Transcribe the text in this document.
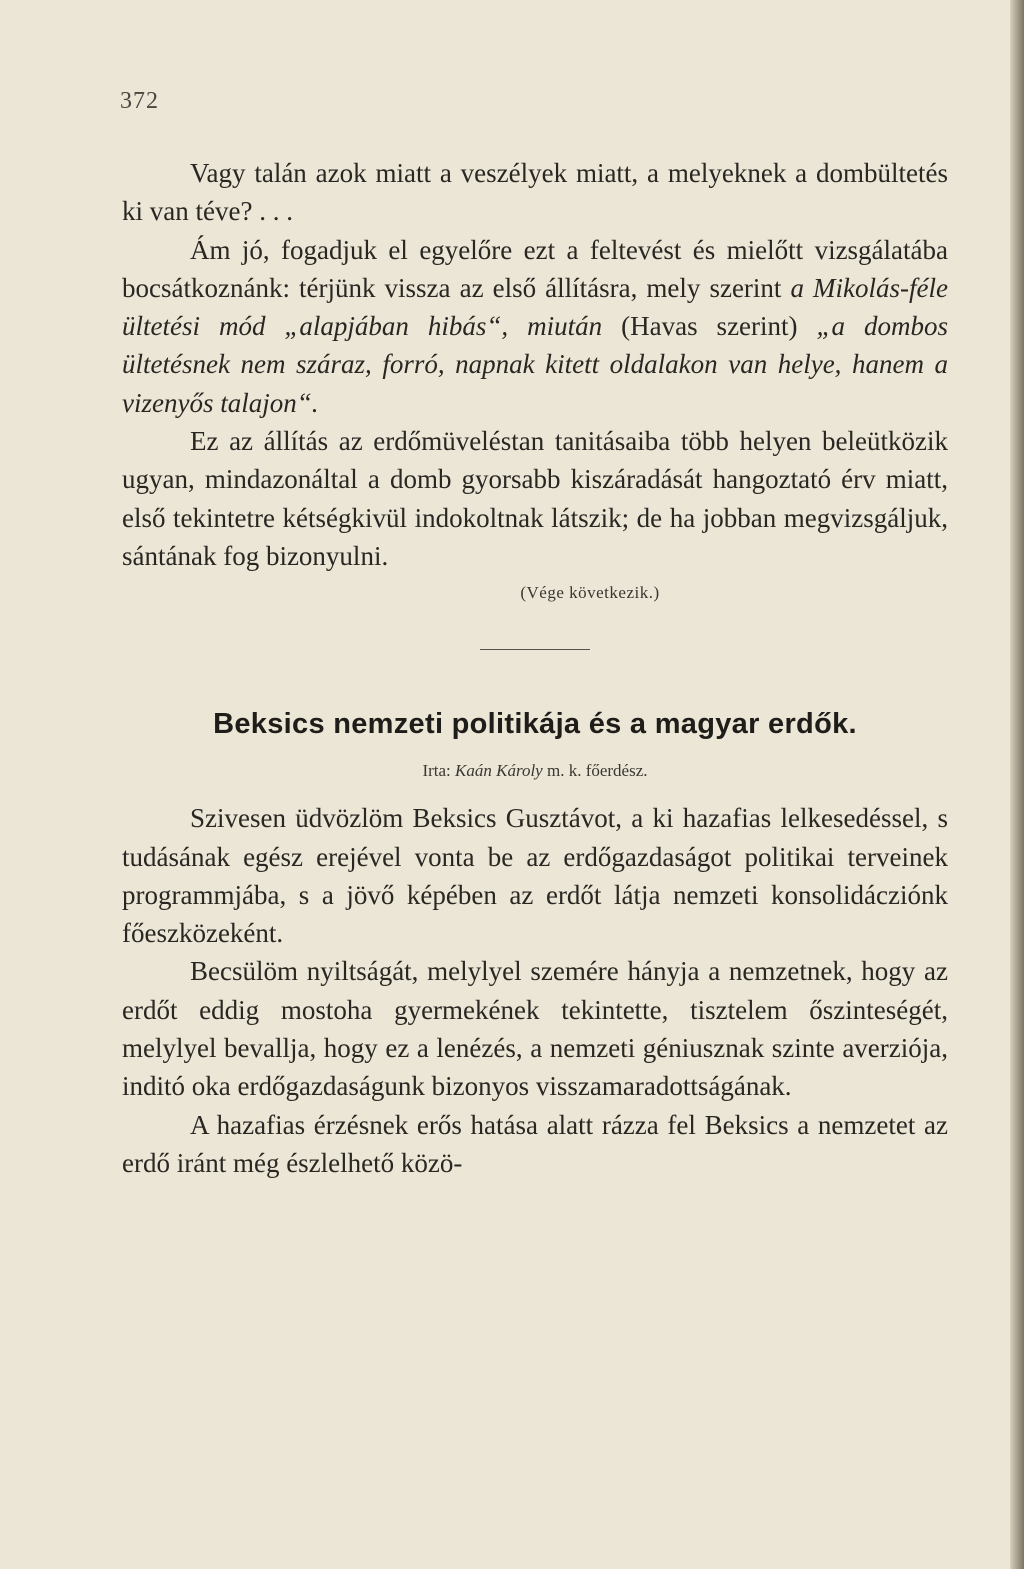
372

Vagy talán azok miatt a veszélyek miatt, a melyeknek a dombültetés ki van téve? . . .

Ám jó, fogadjuk el egyelőre ezt a feltevést és mielőtt vizsgálatába bocsátkoznánk: térjünk vissza az első állításra, mely szerint a Mikolás-féle ültetési mód „alapjában hibás“, miután (Havas szerint) „a dombos ültetésnek nem száraz, forró, napnak kitett oldalakon van helye, hanem a vizenyős talajon“.

Ez az állítás az erdőmüveléstan tanitásaiba több helyen beleütközik ugyan, mindazonáltal a domb gyorsabb kiszáradását hangoztató érv miatt, első tekintetre kétségkivül indokoltnak látszik; de ha jobban megvizsgáljuk, sántának fog bizonyulni.

(Vége következik.)

Beksics nemzeti politikája és a magyar erdők.
Irta: Kaán Károly m. k. főerdész.

Szivesen üdvözlöm Beksics Gusztávot, a ki hazafias lelkesedéssel, s tudásának egész erejével vonta be az erdőgazdaságot politikai terveinek programmjába, s a jövő képében az erdőt látja nemzeti konsolidácziónk főeszközeként.

Becsülöm nyiltságát, melylyel szemére hányja a nemzetnek, hogy az erdőt eddig mostoha gyermekének tekintette, tisztelem őszinteségét, melylyel bevallja, hogy ez a lenézés, a nemzeti géniusznak szinte averziója, inditó oka erdőgazdaságunk bizonyos visszamaradottságának.

A hazafias érzésnek erős hatása alatt rázza fel Beksics a nemzetet az erdő iránt még észlelhető közö-
